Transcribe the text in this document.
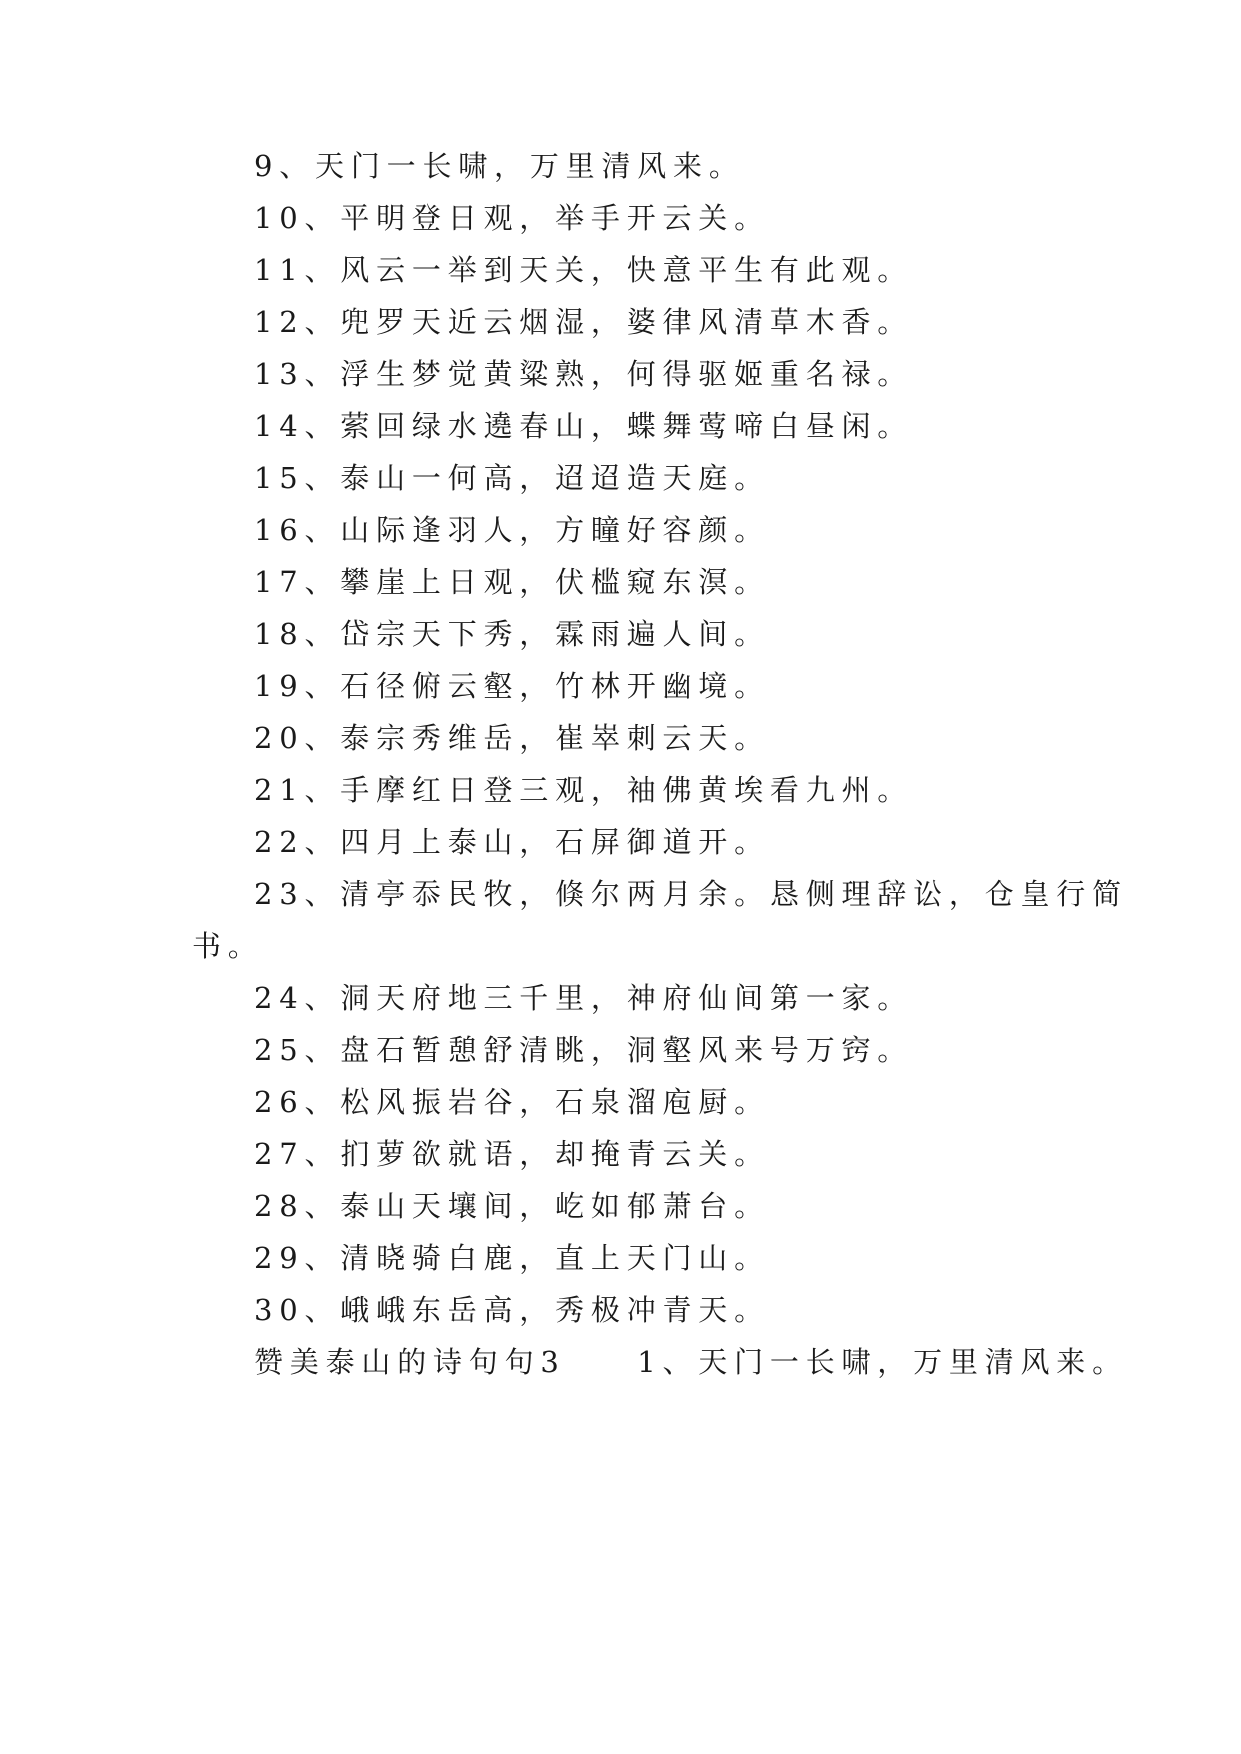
9、天门一长啸，万里清风来。
10、平明登日观，举手开云关。
11、风云一举到天关，快意平生有此观。
12、兜罗天近云烟湿，婆律风清草木香。
13、浮生梦觉黄粱熟，何得驱姬重名禄。
14、萦回绿水遶春山，蝶舞莺啼白昼闲。
15、泰山一何高，迢迢造天庭。
16、山际逢羽人，方瞳好容颜。
17、攀崖上日观，伏槛窥东溟。
18、岱宗天下秀，霖雨遍人间。
19、石径俯云壑，竹林开幽境。
20、泰宗秀维岳，崔崒刺云天。
21、手摩红日登三观，袖佛黄埃看九州。
22、四月上泰山，石屏御道开。
23、清亭忝民牧，倏尔两月余。恳侧理辞讼，仓皇行简
书。
24、洞天府地三千里，神府仙间第一家。
25、盘石暂憩舒清眺，洞壑风来号万窍。
26、松风振岩谷，石泉溜庖厨。
27、扪萝欲就语，却掩青云关。
28、泰山天壤间，屹如郁萧台。
29、清晓骑白鹿，直上天门山。
30、峨峨东岳高，秀极冲青天。
赞美泰山的诗句句3　　1、天门一长啸，万里清风来。
